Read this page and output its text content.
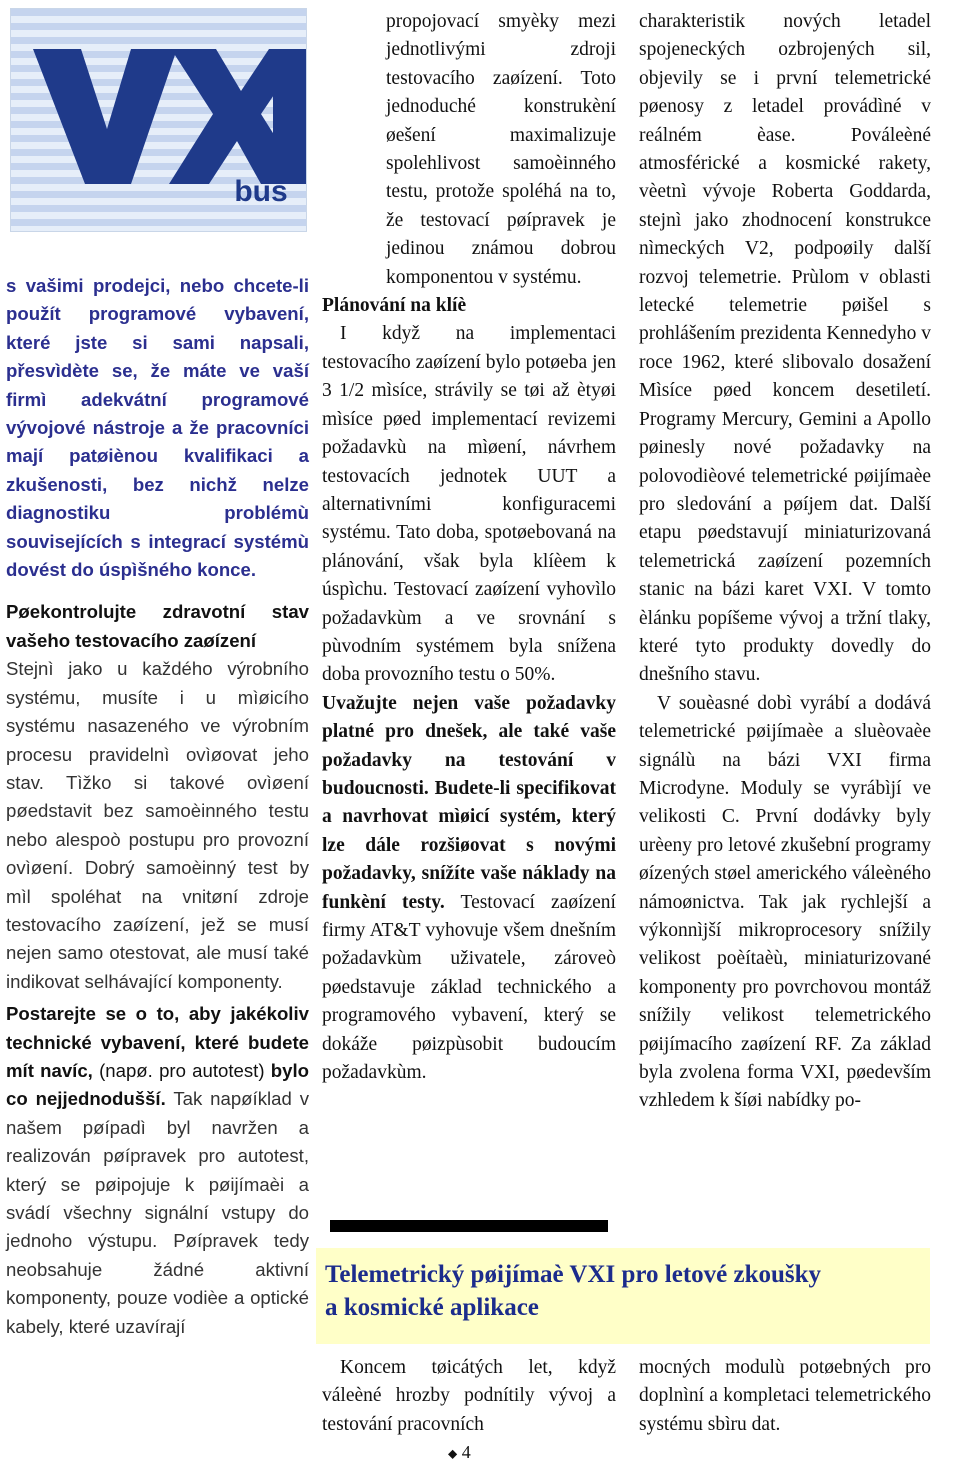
bus

s vašimi prodejci, nebo chcete-li použít programové vybavení, které jste si sami napsali, přesvìdète se, že máte ve vaší firmì adekvátní programové vývojové nástroje a že pracovníci mají patøiènou kvalifikaci a zkušenosti, bez nichž nelze diagnostiku problémù souvisejících s integrací systémù dovést do úspìšného konce.

Pøekontrolujte zdravotní stav vašeho testovacího zaøízení

Stejnì jako u každého výrobního systému, musíte i u mìøicího systému nasazeného ve výrobním procesu pravidelnì ovìøovat jeho stav. Tìžko si takové ovìøení pøedstavit bez samoèinného testu nebo alespoò postupu pro provozní ovìøení. Dobrý samoèinný test by mìl spoléhat na vnitøní zdroje testovacího zaøízení, jež se musí nejen samo otestovat, ale musí také indikovat selhávající komponenty.

Postarejte se o to, aby jakékoliv technické vybavení, které budete mít navíc, (napø. pro autotest) bylo co nejjednodušší. Tak napøíklad v našem pøípadì byl navržen a realizován pøípravek pro autotest, který se pøipojuje k pøijímaèi a svádí všechny signální vstupy do jednoho výstupu. Pøípravek tedy neobsahuje žádné aktivní komponenty, pouze vodièe a optické kabely, které uzavírají

propojovací smyèky mezi jednotlivými zdroji testovacího zaøízení. Toto jednoduché konstrukèní øešení maximalizuje spolehlivost samoèinného testu, protože spoléhá na to, že testovací pøípravek je jedinou známou dobrou komponentou v systému.

Plánování na klíè

I když na implementaci testovacího zaøízení bylo potøeba jen 3 1/2 mìsíce, strávily se tøi až ètyøi mìsíce pøed implementací revizemi požadavkù na mìøení, návrhem testovacích jednotek UUT a alternativními konfiguracemi systému. Tato doba, spotøebovaná na plánování, však byla klíèem k úspìchu. Testovací zaøízení vyhovìlo požadavkùm a ve srovnání s pùvodním systémem byla snížena doba provozního testu o 50%.

Uvažujte nejen vaše požadavky platné pro dnešek, ale také vaše požadavky na testování v budoucnosti. Budete-li specifikovat a navrhovat mìøicí systém, který lze dále rozšiøovat s novými požadavky, snížíte vaše náklady na funkèní testy. Testovací zaøízení firmy AT&T vyhovuje všem dnešním požadavkùm uživatele, zároveò pøedstavuje základ technického a programového vybavení, který se dokáže pøizpùsobit budoucím požadavkùm.

charakteristik nových letadel spojeneckých ozbrojených sil, objevily se i první telemetrické pøenosy z letadel provádìné v reálném èase. Poválеèné atmosférické a kosmické rakety, vèetnì vývoje Roberta Goddarda, stejnì jako zhodnocení konstrukce nìmeckých V2, podpoøily další rozvoj telemetrie. Prùlom v oblasti letecké telemetrie pøišel s prohlášením prezidenta Kennedyho v roce 1962, které slibovalo dosažení Mìsíce pøed koncem desetiletí. Programy Mercury, Gemini a Apollo pøinesly nové požadavky na polovodièové telemetrické pøijímaèe pro sledování a pøíjem dat. Další etapu pøedstavují miniaturizovaná telemetrická zaøízení pozemních stanic na bázi karet VXI. V tomto èlánku popíšeme vývoj a tržní tlaky, které tyto produkty dovedly do dnešního stavu.

V souèasné dobì vyrábí a dodává telemetrické pøijímaèe a sluèovaèe signálù na bázi VXI firma Microdyne. Moduly se vyrábìjí ve velikosti C. První dodávky byly urèeny pro letové zkušební programy øízených støel amerického váleèného námoønictva. Tak jak rychlejší a výkonnìjší mikroprocesory snížily velikost poèítaèù, miniaturizované komponenty pro povrchovou montáž snížily velikost telemetrického pøijímacího zaøízení RF. Za základ byla zvolena forma VXI, pøedevším vzhledem k šíøi nabídky po-

Telemetrický pøijímaè VXI pro letové zkoušky
a kosmické aplikace

Koncem tøicátých let, když váleèné hrozby podnítily vývoj a testování pracovních

mocných modulù potøebných pro doplnìní a kompletaci telemetrického systému sbìru dat.

◆ 4
